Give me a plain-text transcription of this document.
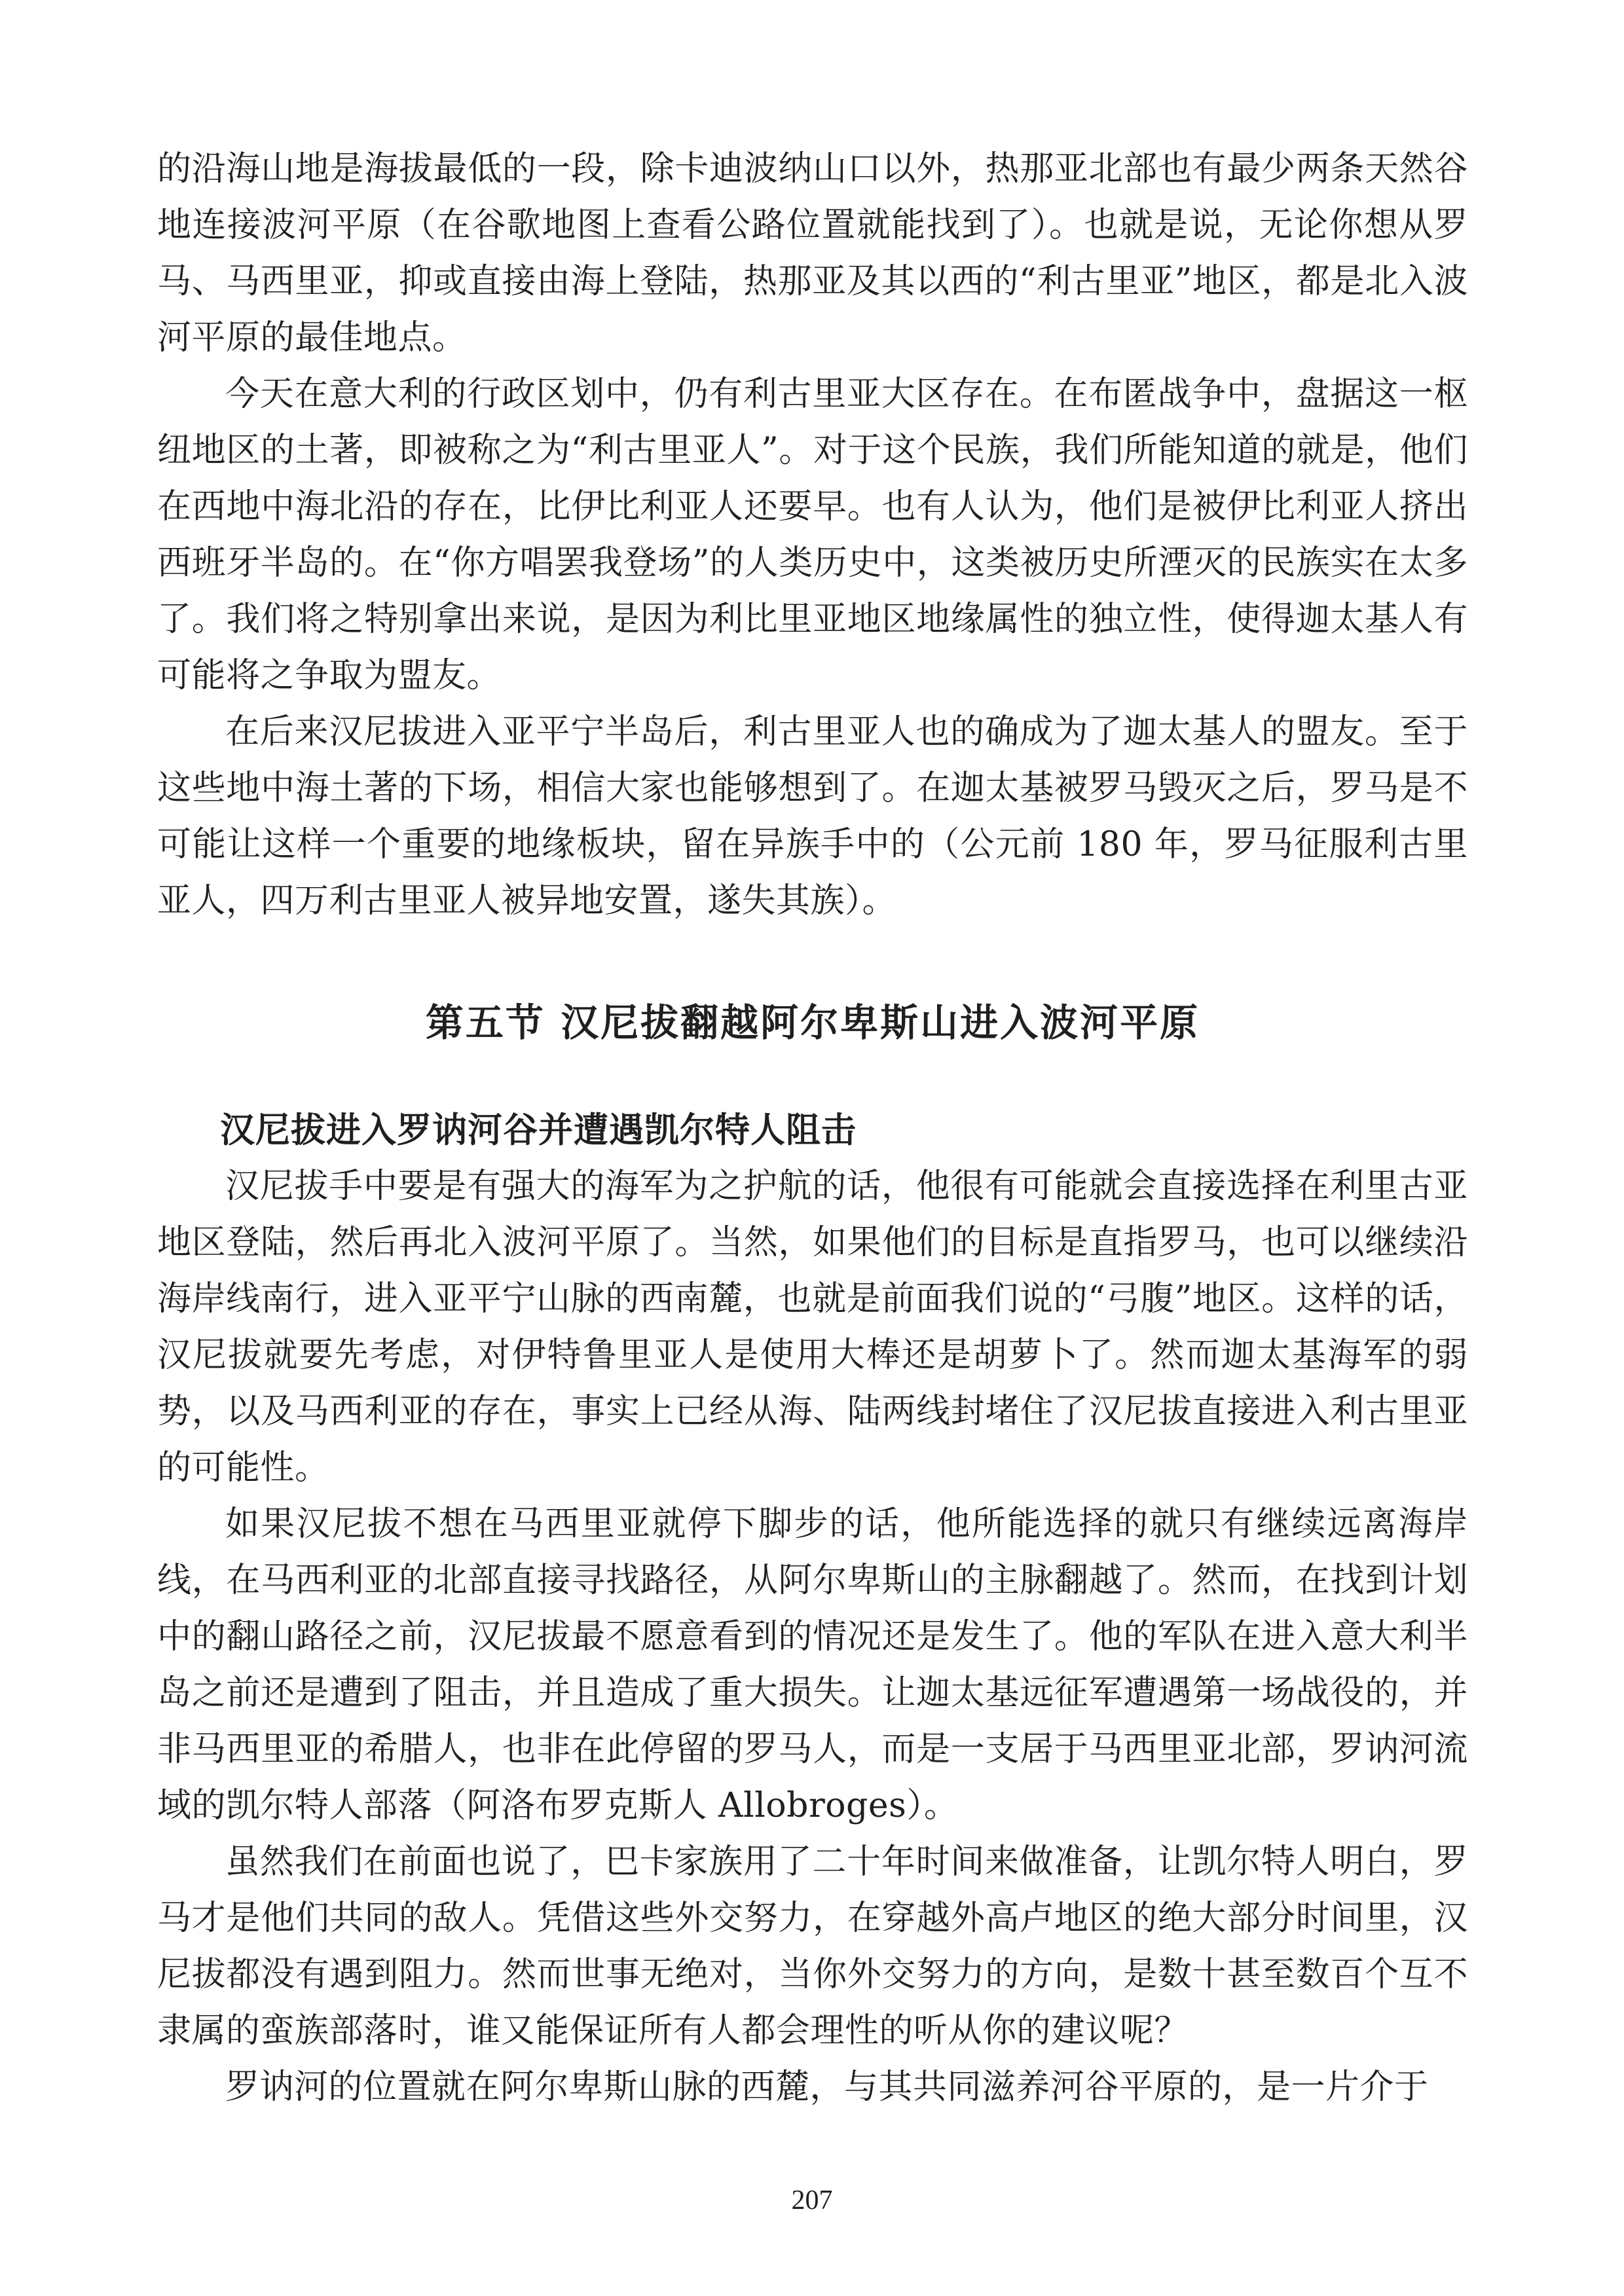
的沿海山地是海拔最低的一段，除卡迪波纳山口以外，热那亚北部也有最少两条天然谷地连接波河平原（在谷歌地图上查看公路位置就能找到了）。也就是说，无论你想从罗马、马西里亚，抑或直接由海上登陆，热那亚及其以西的“利古里亚”地区，都是北入波河平原的最佳地点。

今天在意大利的行政区划中，仍有利古里亚大区存在。在布匿战争中，盘据这一枢纽地区的土著，即被称之为“利古里亚人”。对于这个民族，我们所能知道的就是，他们在西地中海北沿的存在，比伊比利亚人还要早。也有人认为，他们是被伊比利亚人挤出西班牙半岛的。在“你方唱罢我登场”的人类历史中，这类被历史所湮灭的民族实在太多了。我们将之特别拿出来说，是因为利比里亚地区地缘属性的独立性，使得迦太基人有可能将之争取为盟友。

在后来汉尼拔进入亚平宁半岛后，利古里亚人也的确成为了迦太基人的盟友。至于这些地中海土著的下场，相信大家也能够想到了。在迦太基被罗马毁灭之后，罗马是不可能让这样一个重要的地缘板块，留在异族手中的（公元前 180 年，罗马征服利古里亚人，四万利古里亚人被异地安置，遂失其族）。

第五节 汉尼拔翻越阿尔卑斯山进入波河平原
汉尼拔进入罗讷河谷并遭遇凯尔特人阻击

汉尼拔手中要是有强大的海军为之护航的话，他很有可能就会直接选择在利里古亚地区登陆，然后再北入波河平原了。当然，如果他们的目标是直指罗马，也可以继续沿海岸线南行，进入亚平宁山脉的西南麓，也就是前面我们说的“弓腹”地区。这样的话，汉尼拔就要先考虑，对伊特鲁里亚人是使用大棒还是胡萝卜了。然而迦太基海军的弱势，以及马西利亚的存在，事实上已经从海、陆两线封堵住了汉尼拔直接进入利古里亚的可能性。

如果汉尼拔不想在马西里亚就停下脚步的话，他所能选择的就只有继续远离海岸线，在马西利亚的北部直接寻找路径，从阿尔卑斯山的主脉翻越了。然而，在找到计划中的翻山路径之前，汉尼拔最不愿意看到的情况还是发生了。他的军队在进入意大利半岛之前还是遭到了阻击，并且造成了重大损失。让迦太基远征军遭遇第一场战役的，并非马西里亚的希腊人，也非在此停留的罗马人，而是一支居于马西里亚北部，罗讷河流域的凯尔特人部落（阿洛布罗克斯人 Allobroges）。

虽然我们在前面也说了，巴卡家族用了二十年时间来做准备，让凯尔特人明白，罗马才是他们共同的敌人。凭借这些外交努力，在穿越外高卢地区的绝大部分时间里，汉尼拔都没有遇到阻力。然而世事无绝对，当你外交努力的方向，是数十甚至数百个互不隶属的蛮族部落时，谁又能保证所有人都会理性的听从你的建议呢？

罗讷河的位置就在阿尔卑斯山脉的西麓，与其共同滋养河谷平原的，是一片介于

207
